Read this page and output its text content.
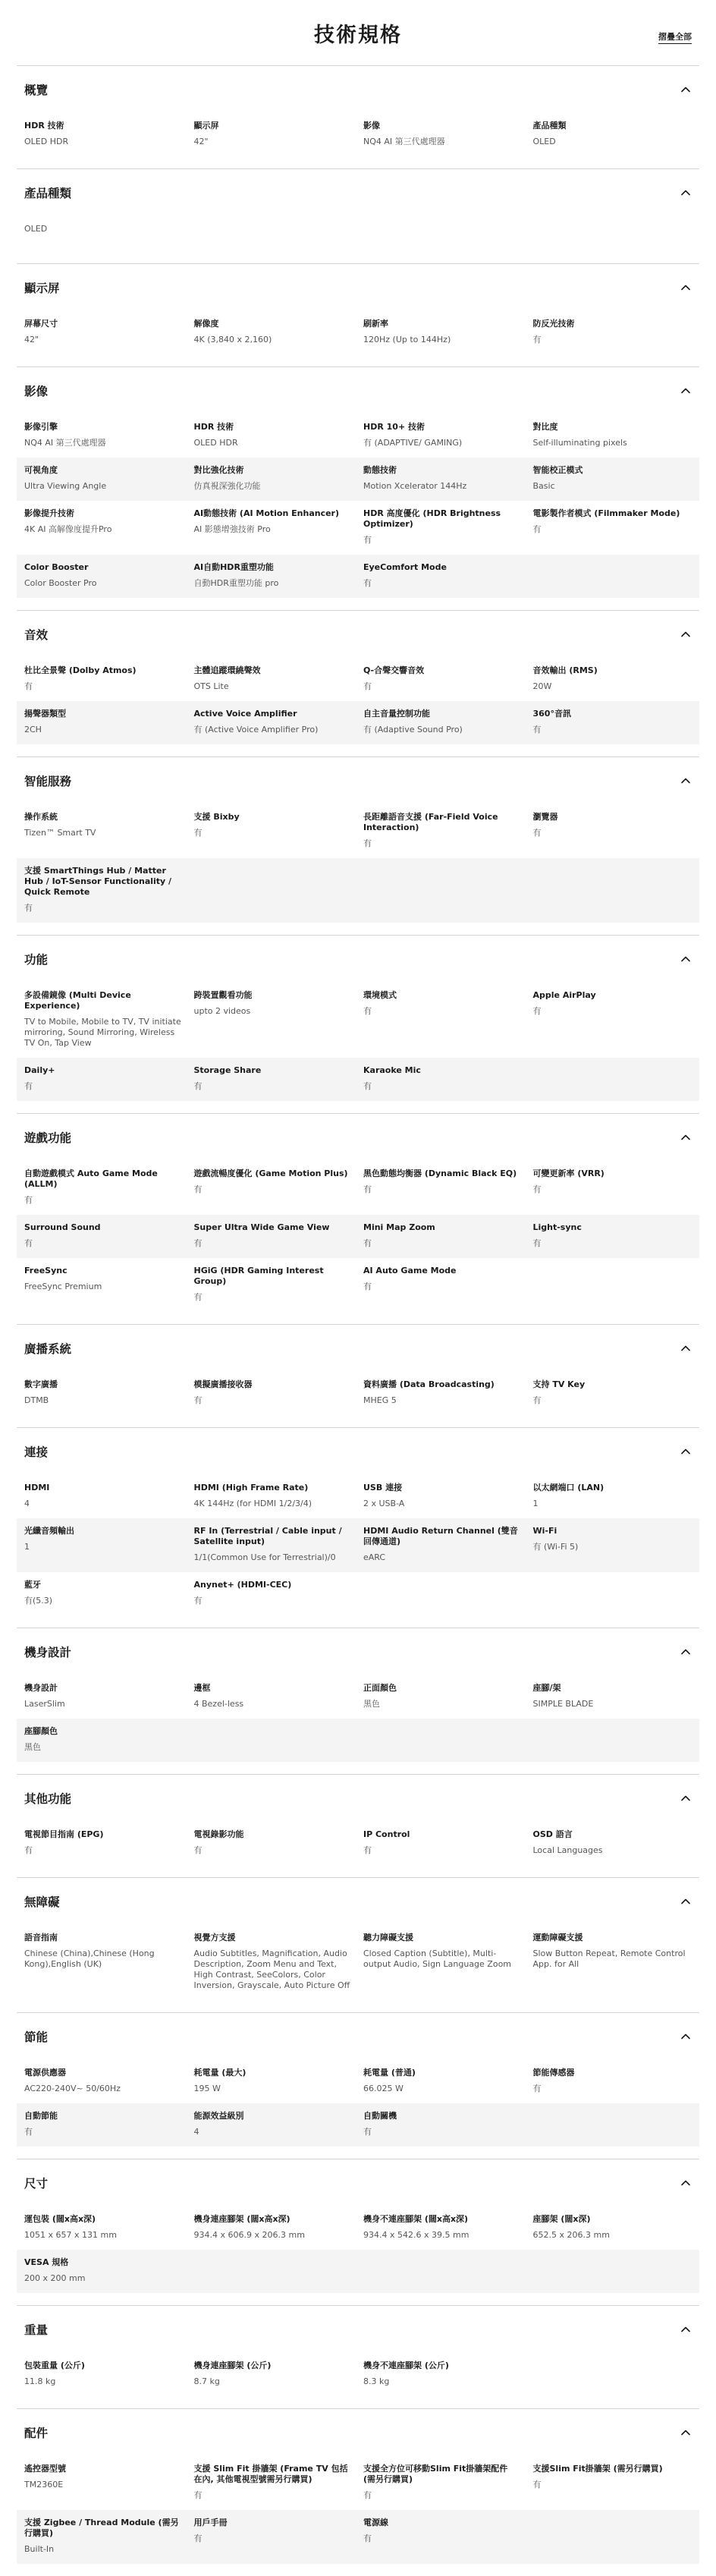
技術規格	摺疊全部
概覽
HDR 技術
OLED HDR
顯示屏
42"
影像
NQ4 AI 第三代處理器
產品種類
OLED
產品種類
OLED
顯示屏
屏幕尺寸
42"
解像度
4K (3,840 x 2,160)
刷新率
120Hz (Up to 144Hz)
防反光技術
有
影像
影像引擎
NQ4 AI 第三代處理器
HDR 技術
OLED HDR
HDR 10+ 技術
有 (ADAPTIVE/ GAMING)
對比度
Self-illuminating pixels
可視角度
Ultra Viewing Angle
對比強化技術
仿真視深強化功能
動態技術
Motion Xcelerator 144Hz
智能校正模式
Basic
影像提升技術
4K AI 高解像度提升Pro
AI動態技術 (AI Motion Enhancer)
AI 影態增強技術 Pro
HDR 高度優化 (HDR Brightness Optimizer)
有
電影製作者模式 (Filmmaker Mode)
有
Color Booster
Color Booster Pro
AI自動HDR重塑功能
自動HDR重塑功能 pro
EyeComfort Mode
有
音效
杜比全景聲 (Dolby Atmos)
有
主體追蹤環繞聲效
OTS Lite
Q-合聲交響音效
有
音效輸出 (RMS)
20W
揚聲器類型
2CH
Active Voice Amplifier
有 (Active Voice Amplifier Pro)
自主音量控制功能
有 (Adaptive Sound Pro)
360°音訊
有
智能服務
操作系統
Tizen™ Smart TV
支援 Bixby
有
長距離語音支援 (Far-Field Voice Interaction)
有
瀏覽器
有
支援 SmartThings Hub / Matter Hub / IoT-Sensor Functionality / Quick Remote
有
功能
多設備鏡像 (Multi Device Experience)
TV to Mobile, Mobile to TV, TV initiate mirroring, Sound Mirroring, Wireless TV On, Tap View
跨裝置觀看功能
upto 2 videos
環境模式
有
Apple AirPlay
有
Daily+
有
Storage Share
有
Karaoke Mic
有
遊戲功能
自動遊戲模式 Auto Game Mode (ALLM)
有
遊戲流暢度優化 (Game Motion Plus)
有
黑色動態均衡器 (Dynamic Black EQ)
有
可變更新率 (VRR)
有
Surround Sound
有
Super Ultra Wide Game View
有
Mini Map Zoom
有
Light-sync
有
FreeSync
FreeSync Premium
HGiG (HDR Gaming Interest Group)
有
AI Auto Game Mode
有
廣播系統
數字廣播
DTMB
模擬廣播接收器
有
資料廣播 (Data Broadcasting)
MHEG 5
支持 TV Key
有
連接
HDMI
4
HDMI (High Frame Rate)
4K 144Hz (for HDMI 1/2/3/4)
USB 連接
2 x USB-A
以太網端口 (LAN)
1
光纖音頻輸出
1
RF In (Terrestrial / Cable input / Satellite input)
1/1(Common Use for Terrestrial)/0
HDMI Audio Return Channel (雙音回傳通道)
eARC
Wi-Fi
有 (Wi-Fi 5)
藍牙
有(5.3)
Anynet+ (HDMI-CEC)
有
機身設計
機身設計
LaserSlim
邊框
4 Bezel-less
正面顏色
黑色
座腳/架
SIMPLE BLADE
座腳顏色
黑色
其他功能
電視節目指南 (EPG)
有
電視錄影功能
有
IP Control
有
OSD 語言
Local Languages
無障礙
語音指南
Chinese (China),Chinese (Hong Kong),English (UK)
視覺方支援
Audio Subtitles, Magnification, Audio Description, Zoom Menu and Text, High Contrast, SeeColors, Color Inversion, Grayscale, Auto Picture Off
聽力障礙支援
Closed Caption (Subtitle), Multi-output Audio, Sign Language Zoom
運動障礙支援
Slow Button Repeat, Remote Control App. for All
節能
電源供應器
AC220-240V~ 50/60Hz
耗電量 (最大)
195 W
耗電量 (普通)
66.025 W
節能傳感器
有
自動節能
有
能源效益級別
4
自動關機
有
尺寸
運包裝 (闊x高x深)
1051 x 657 x 131 mm
機身連座腳架 (闊x高x深)
934.4 x 606.9 x 206.3 mm
機身不連座腳架 (闊x高x深)
934.4 x 542.6 x 39.5 mm
座腳架 (闊x深)
652.5 x 206.3 mm
VESA 規格
200 x 200 mm
重量
包裝重量 (公斤)
11.8 kg
機身連座腳架 (公斤)
8.7 kg
機身不連座腳架 (公斤)
8.3 kg
配件
遙控器型號
TM2360E
支援 Slim Fit 掛牆架 (Frame TV 包括在內, 其他電視型號需另行購買)
有
支援全方位可移動Slim Fit掛牆架配件 (需另行購買)
有
支援Slim Fit掛牆架 (需另行購買)
有
支援 Zigbee / Thread Module (需另行購買)
Built-In
用戶手冊
有
電源線
有
